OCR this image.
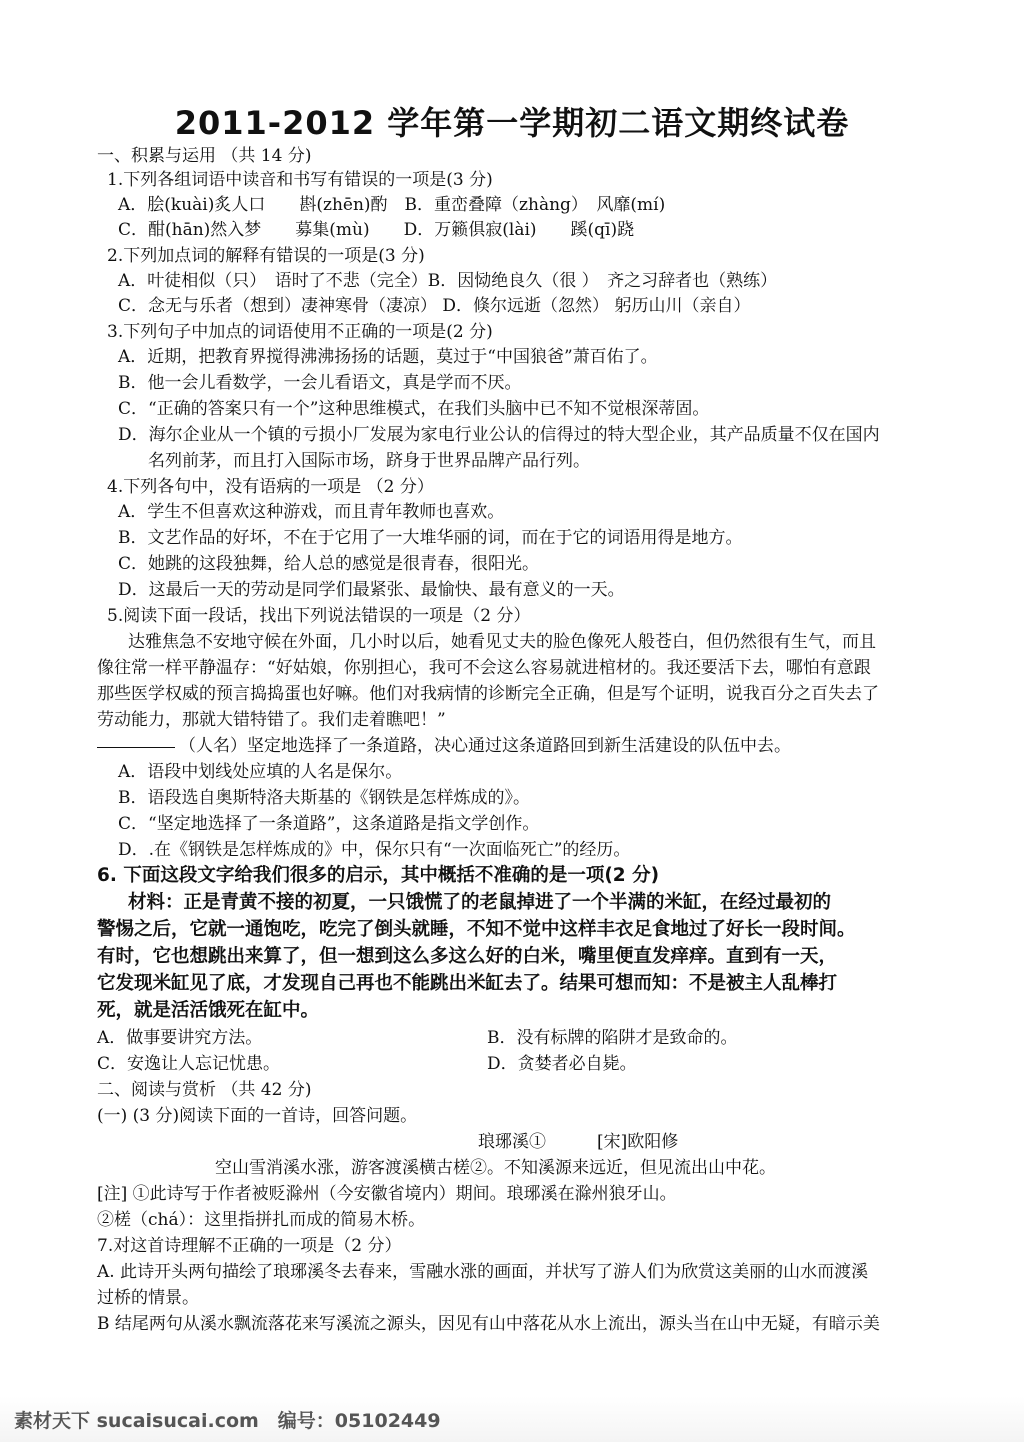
2011-2012 学年第一学期初二语文期终试卷
一、积累与运用 （共 14 分)
1.下列各组词语中读音和书写有错误的一项是(3 分)
A．脍(kuài)炙人口　　斟(zhēn)酌　B．重峦叠障（zhàng）　风靡(mí)
C．酣(hān)然入梦　　募集(mù)　　D．万籁俱寂(lài)　　蹊(qī)跷
2.下列加点词的解释有错误的一项是(3 分)
A．叶徒相似（只）　语时了不悲（完全）B．因恸绝良久（很 ）　齐之习辞者也（熟练）
C．念无与乐者（想到）凄神寒骨（凄凉） D．倏尔远逝（忽然） 躬历山川（亲自）
3.下列句子中加点的词语使用不正确的一项是(2 分)
A．近期，把教育界搅得沸沸扬扬的话题，莫过于“中国狼爸”萧百佑了。
B．他一会儿看数学，一会儿看语文，真是学而不厌。
C．“正确的答案只有一个”这种思维模式，在我们头脑中已不知不觉根深蒂固。
D．海尔企业从一个镇的亏损小厂发展为家电行业公认的信得过的特大型企业，其产品质量不仅在国内
名列前茅，而且打入国际市场，跻身于世界品牌产品行列。
4.下列各句中，没有语病的一项是 （2 分）
A．学生不但喜欢这种游戏，而且青年教师也喜欢。
B．文艺作品的好坏，不在于它用了一大堆华丽的词，而在于它的词语用得是地方。
C．她跳的这段独舞，给人总的感觉是很青春，很阳光。
D．这最后一天的劳动是同学们最紧张、最愉快、最有意义的一天。
5.阅读下面一段话，找出下列说法错误的一项是（2 分）
达雅焦急不安地守候在外面，几小时以后，她看见丈夫的脸色像死人般苍白，但仍然很有生气，而且
像往常一样平静温存：“好姑娘，你别担心，我可不会这么容易就进棺材的。我还要活下去，哪怕有意跟
那些医学权威的预言捣捣蛋也好嘛。他们对我病情的诊断完全正确，但是写个证明，说我百分之百失去了
劳动能力，那就大错特错了。我们走着瞧吧！”
（人名）坚定地选择了一条道路，决心通过这条道路回到新生活建设的队伍中去。
A．语段中划线处应填的人名是保尔。
B．语段选自奥斯特洛夫斯基的《钢铁是怎样炼成的》。
C．“坚定地选择了一条道路”，这条道路是指文学创作。
D．.在《钢铁是怎样炼成的》中，保尔只有“一次面临死亡”的经历。
6. 下面这段文字给我们很多的启示，其中概括不准确的是一项(2 分)
材料：正是青黄不接的初夏，一只饿慌了的老鼠掉进了一个半满的米缸，在经过最初的
警惕之后，它就一通饱吃，吃完了倒头就睡，不知不觉中这样丰衣足食地过了好长一段时间。
有时，它也想跳出来算了，但一想到这么多这么好的白米，嘴里便直发痒痒。直到有一天，
它发现米缸见了底，才发现自己再也不能跳出米缸去了。结果可想而知：不是被主人乱棒打
死，就是活活饿死在缸中。
A．做事要讲究方法。	B．没有标牌的陷阱才是致命的。
C．安逸让人忘记忧患。	D．贪婪者必自毙。
二、阅读与赏析 （共 42 分)
(一) (3 分)阅读下面的一首诗，回答问题。
琅琊溪①　　　[宋]欧阳修
空山雪消溪水涨，游客渡溪横古槎②。不知溪源来远近，但见流出山中花。
[注] ①此诗写于作者被贬滁州（今安徽省境内）期间。琅琊溪在滁州狼牙山。
②槎（chá）：这里指拼扎而成的简易木桥。
7.对这首诗理解不正确的一项是（2 分）
A. 此诗开头两句描绘了琅琊溪冬去春来，雪融水涨的画面，并状写了游人们为欣赏这美丽的山水而渡溪
过桥的情景。
B 结尾两句从溪水飘流落花来写溪流之源头，因见有山中落花从水上流出，源头当在山中无疑，有暗示美
素材天下 sucaisucai.com　编号：05102449
